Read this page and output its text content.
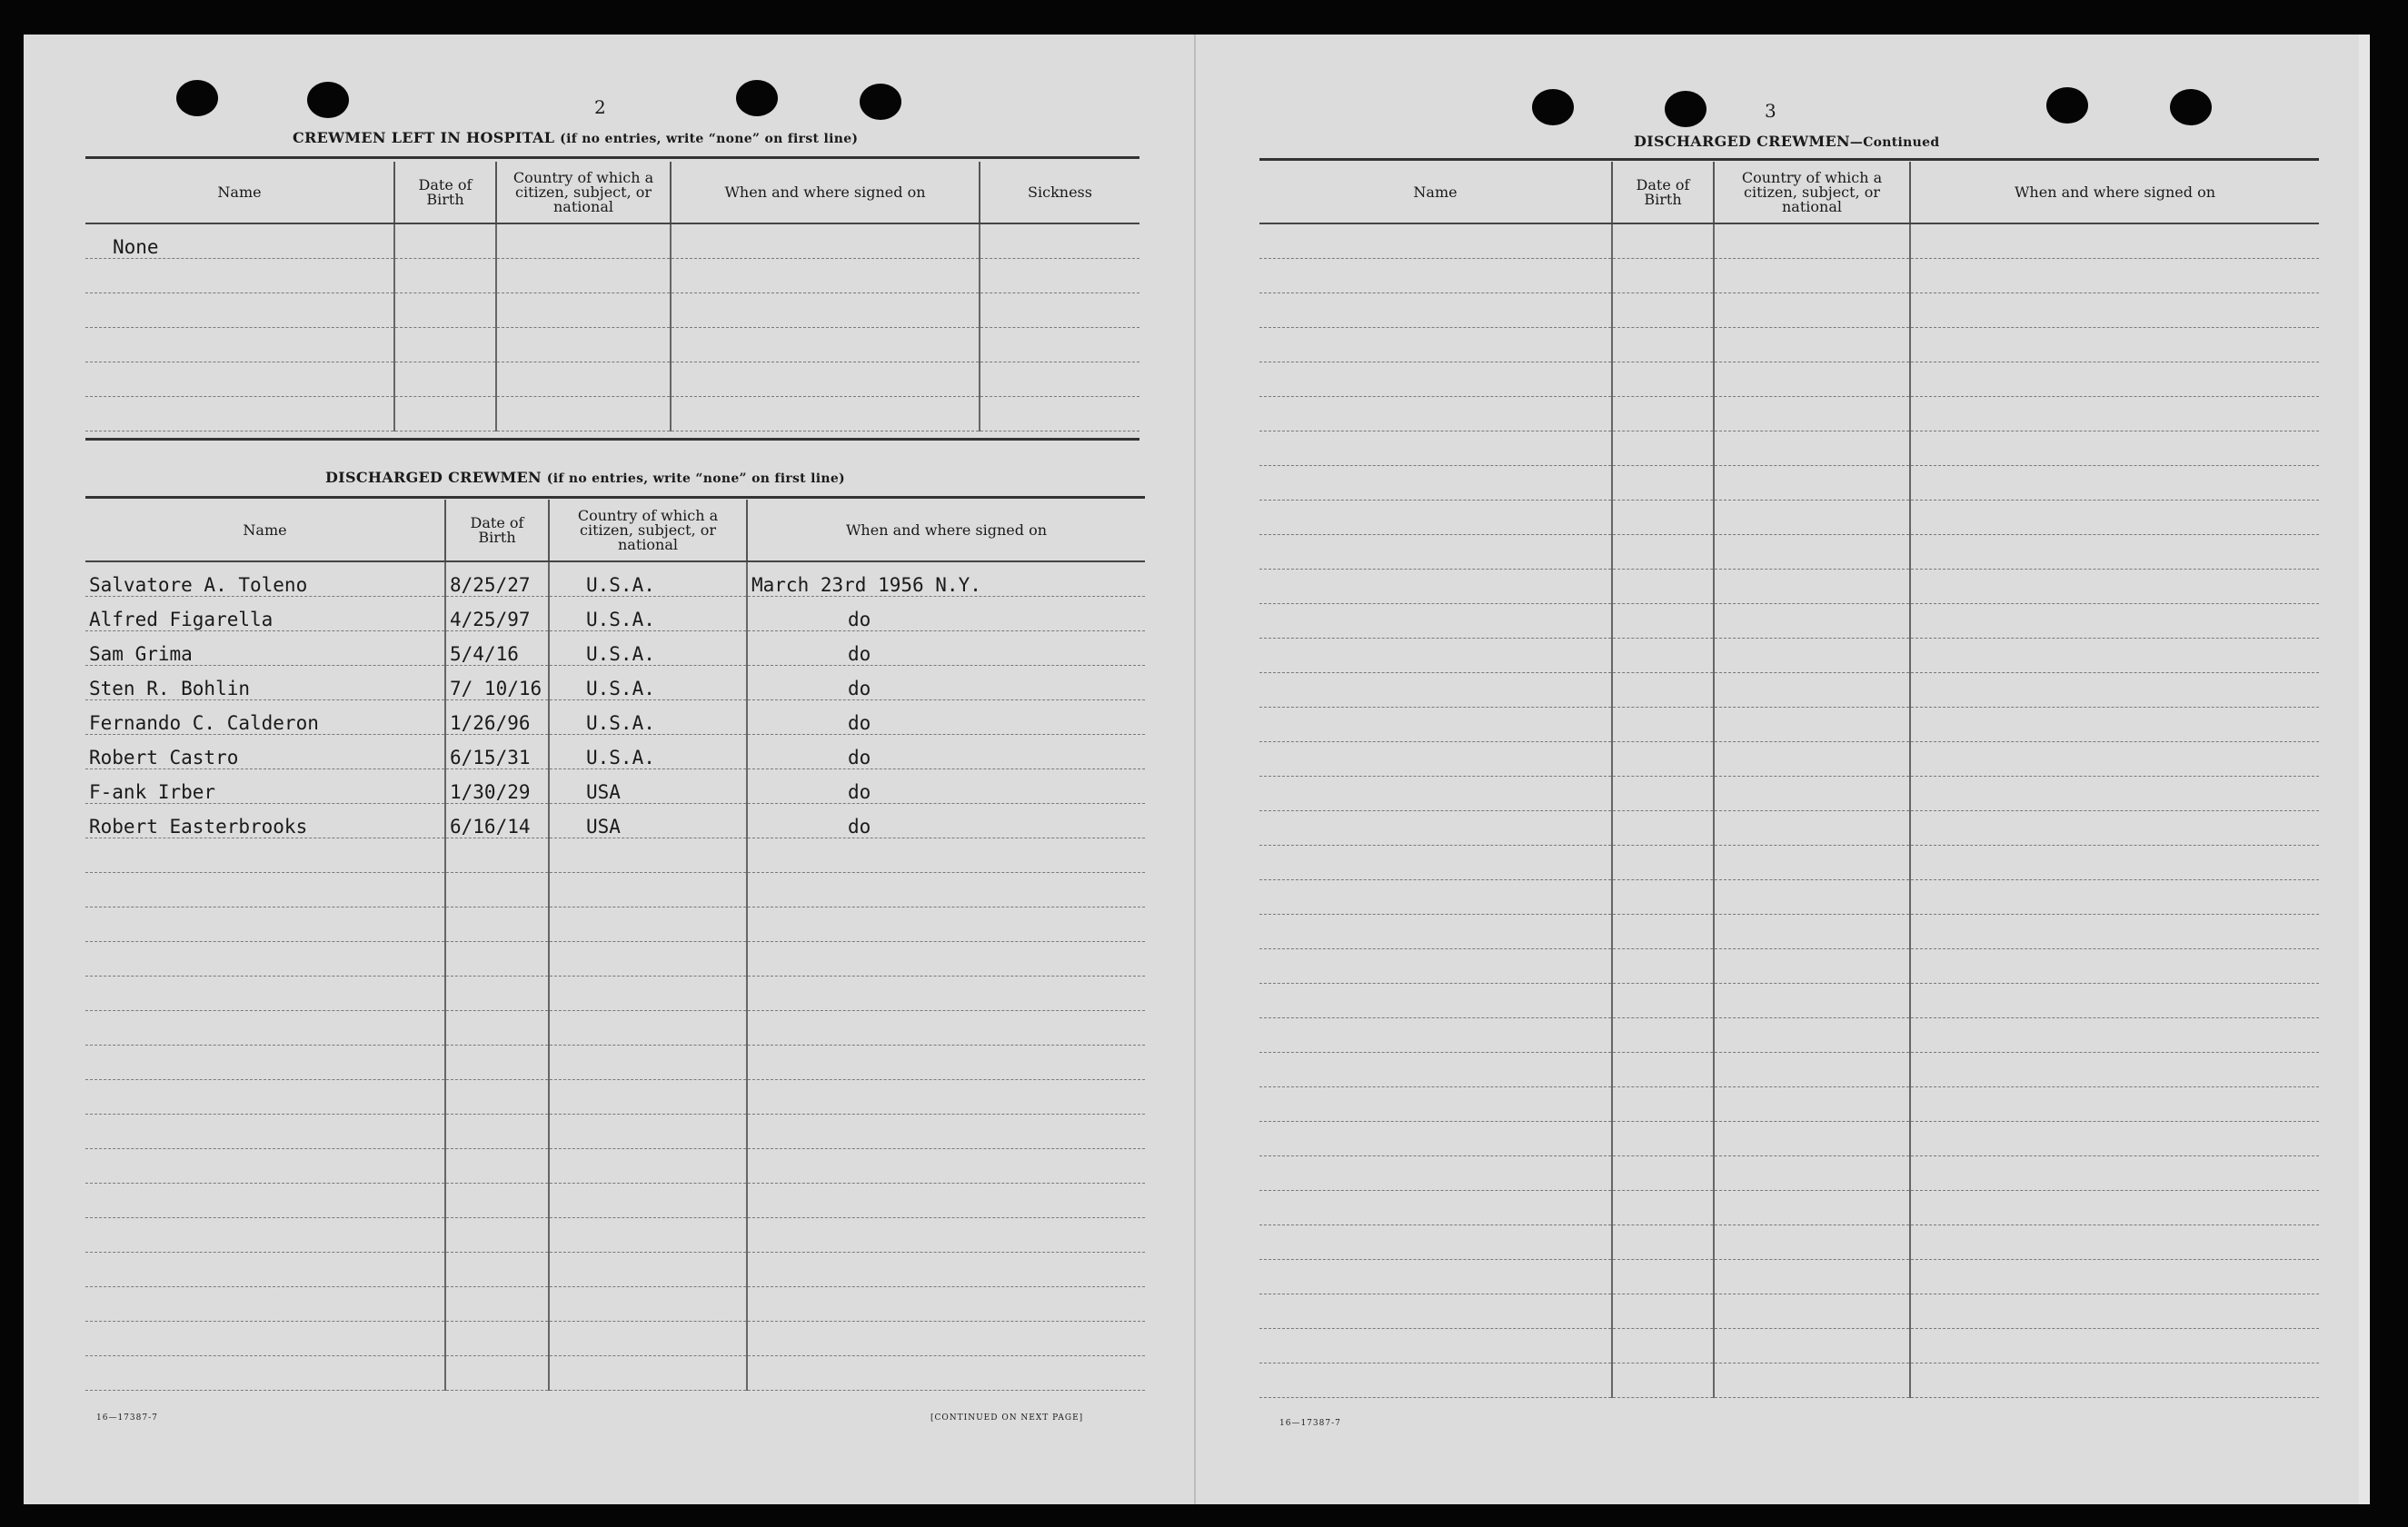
2
CREWMEN LEFT IN HOSPITAL (if no entries, write “none” on first line)
Name	Date of Birth	Country of which a citizen, subject, or national	When and where signed on	Sickness
None				

DISCHARGED CREWMEN (if no entries, write “none” on first line)
Name	Date of Birth	Country of which a citizen, subject, or national	When and where signed on
Salvatore A. Toleno	8/25/27	U.S.A.	March 23rd 1956 N.Y.
Alfred Figarella	4/25/97	U.S.A.	do
Sam Grima	5/4/16	U.S.A.	do
Sten R. Bohlin	7/ 10/16	U.S.A.	do
Fernando C. Calderon	1/26/96	U.S.A.	do
Robert Castro	6/15/31	U.S.A.	do
F-ank Irber	1/30/29	USA	do
Robert Easterbrooks	6/16/14	USA	do

16—17387-7	[CONTINUED ON NEXT PAGE]
3
DISCHARGED CREWMEN—Continued
Name	Date of Birth	Country of which a citizen, subject, or national	When and where signed on

16—17387-7
